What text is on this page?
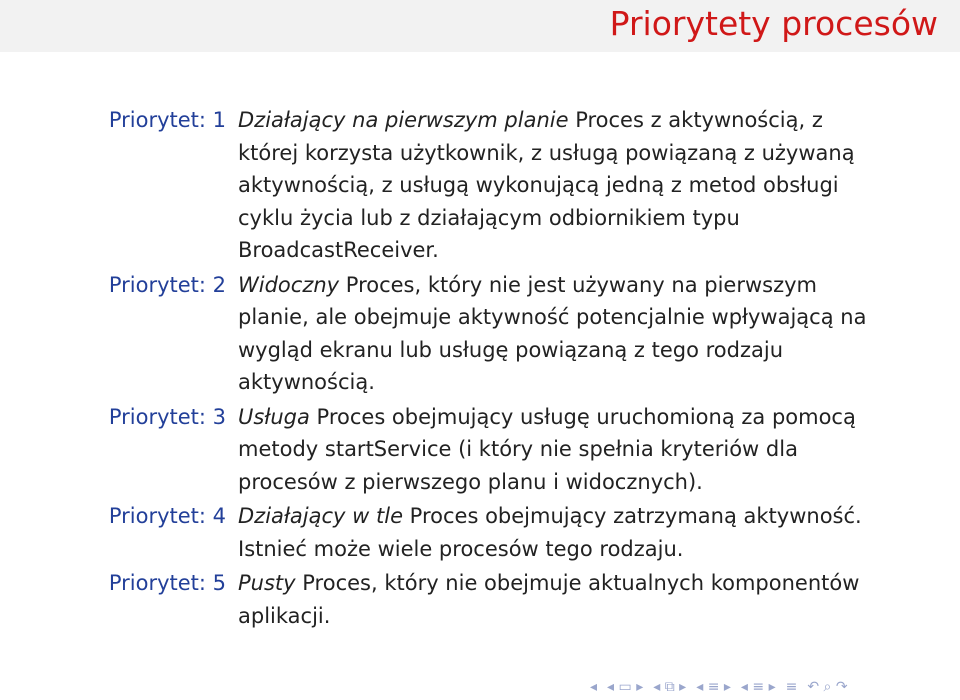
Priorytety procesów
Priorytet: 1 Działający na pierwszym planie Proces z aktywnością, z której korzysta użytkownik, z usługą powiązaną z używaną aktywnością, z usługą wykonującą jedną z metod obsługi cyklu życia lub z działającym odbiornikiem typu BroadcastReceiver.
Priorytet: 2 Widoczny Proces, który nie jest używany na pierwszym planie, ale obejmuje aktywność potencjalnie wpływającą na wygląd ekranu lub usługę powiązaną z tego rodzaju aktywnością.
Priorytet: 3 Usługa Proces obejmujący usługę uruchomioną za pomocą metody startService (i który nie spełnia kryteriów dla procesów z pierwszego planu i widocznych).
Priorytet: 4 Działający w tle Proces obejmujący zatrzymaną aktywność. Istnieć może wiele procesów tego rodzaju.
Priorytet: 5 Pusty Proces, który nie obejmuje aktualnych komponentów aplikacji.
◂ ◂ ▭ ▸ ◂ ⧉ ▸ ◂ ≡ ▸ ◂ ≡ ▸ ≡ ↶ ⌕ ↷
